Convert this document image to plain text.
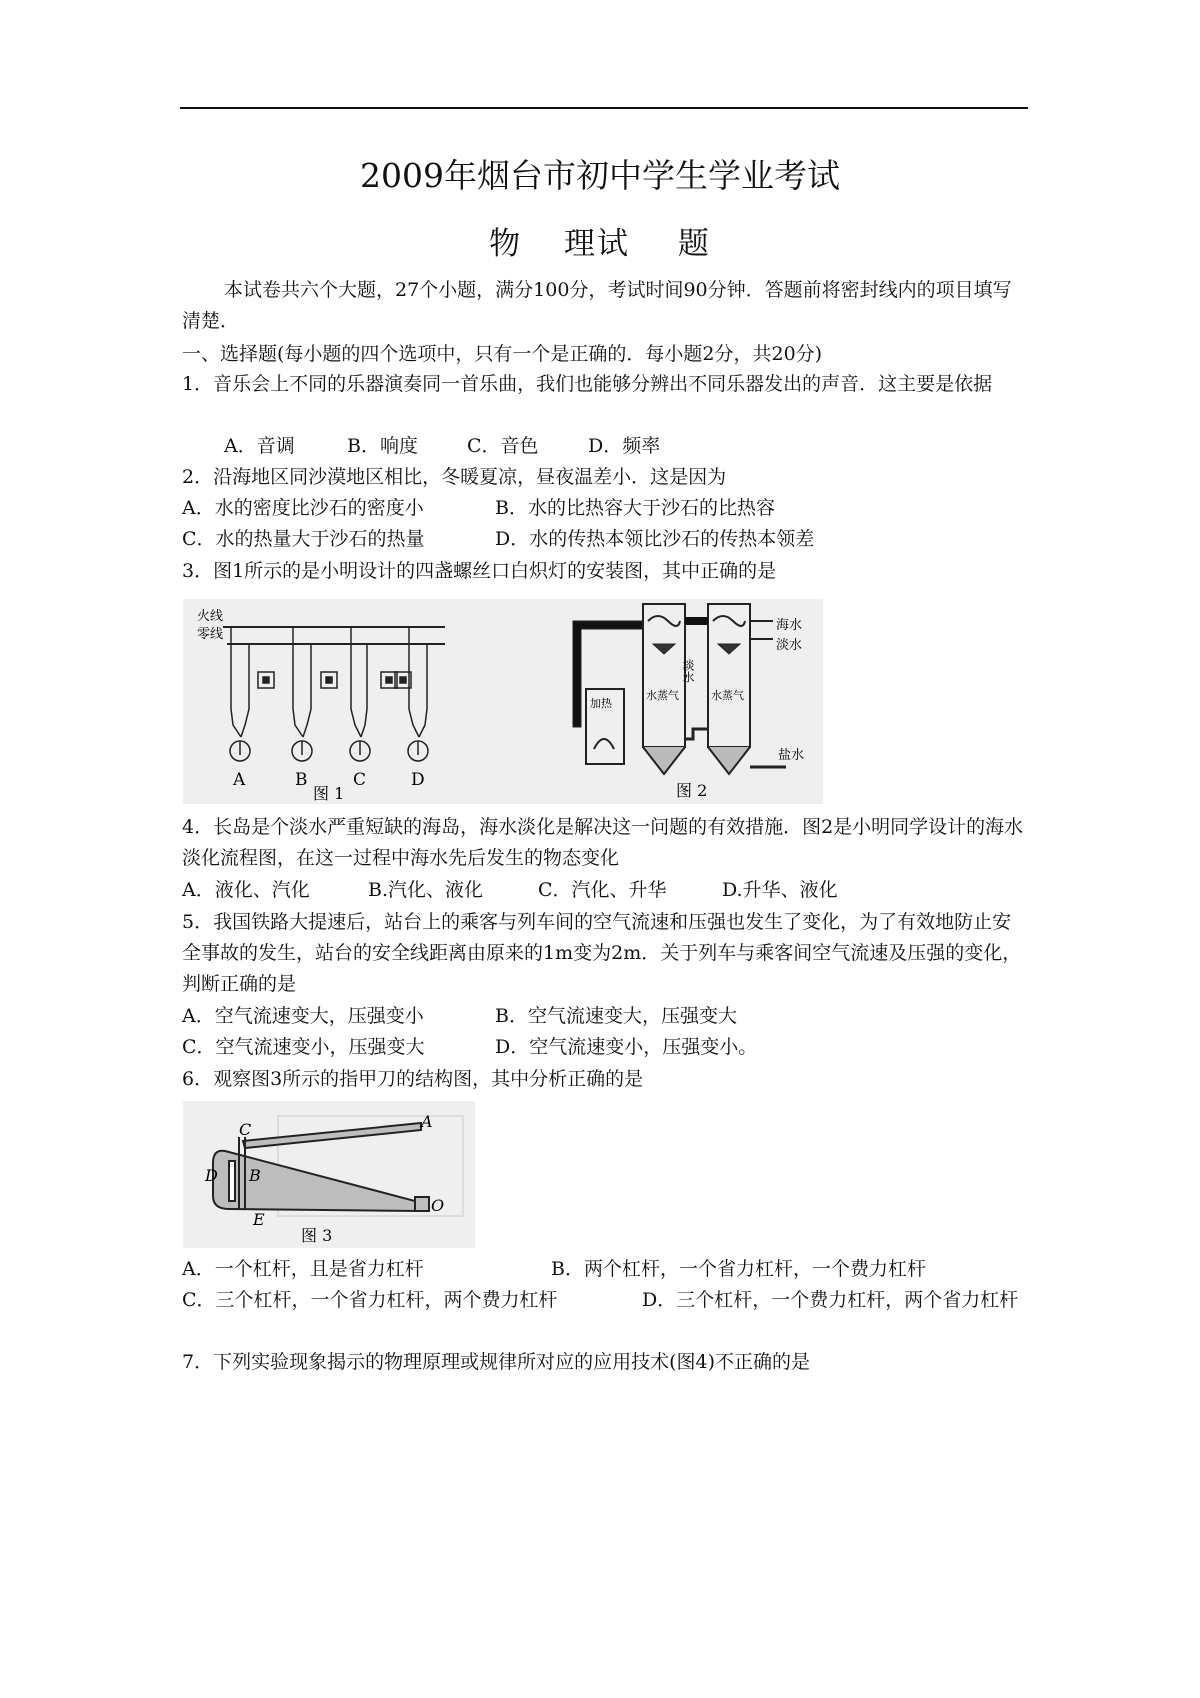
2009年烟台市初中学生学业考试
物 理试 题
本试卷共六个大题，27个小题，满分100分，考试时间90分钟．答题前将密封线内的项目填写清楚．
一、选择题(每小题的四个选项中，只有一个是正确的．每小题2分，共20分)
1．音乐会上不同的乐器演奏同一首乐曲，我们也能够分辨出不同乐器发出的声音．这主要是依据
A．音调	B．响度	C．音色	D．频率
2．沿海地区同沙漠地区相比，冬暖夏凉，昼夜温差小．这是因为
A．水的密度比沙石的密度小	B．水的比热容大于沙石的比热容
C．水的热量大于沙石的热量	D．水的传热本领比沙石的传热本领差
3．图1所示的是小明设计的四盏螺丝口白炽灯的安装图，其中正确的是
火线
零线
A	B	C	D
图 1
加热
水蒸气	水蒸气
淡水
海水
淡水
盐水
图 2
4．长岛是个淡水严重短缺的海岛，海水淡化是解决这一问题的有效措施．图2是小明同学设计的海水淡化流程图，在这一过程中海水先后发生的物态变化
A．液化、汽化	B.汽化、液化	C．汽化、升华	D.升华、液化
5．我国铁路大提速后，站台上的乘客与列车间的空气流速和压强也发生了变化，为了有效地防止安全事故的发生，站台的安全线距离由原来的1m变为2m．关于列车与乘客间空气流速及压强的变化，判断正确的是
A．空气流速变大，压强变小	B．空气流速变大，压强变大
C．空气流速变小，压强变大	D．空气流速变小，压强变小。
6．观察图3所示的指甲刀的结构图，其中分析正确的是
A
B
C
D
E
O
图 3
A．一个杠杆，且是省力杠杆	B．两个杠杆，一个省力杠杆，一个费力杠杆
C．三个杠杆，一个省力杠杆，两个费力杠杆	D．三个杠杆，一个费力杠杆，两个省力杠杆
7．下列实验现象揭示的物理原理或规律所对应的应用技术(图4)不正确的是
